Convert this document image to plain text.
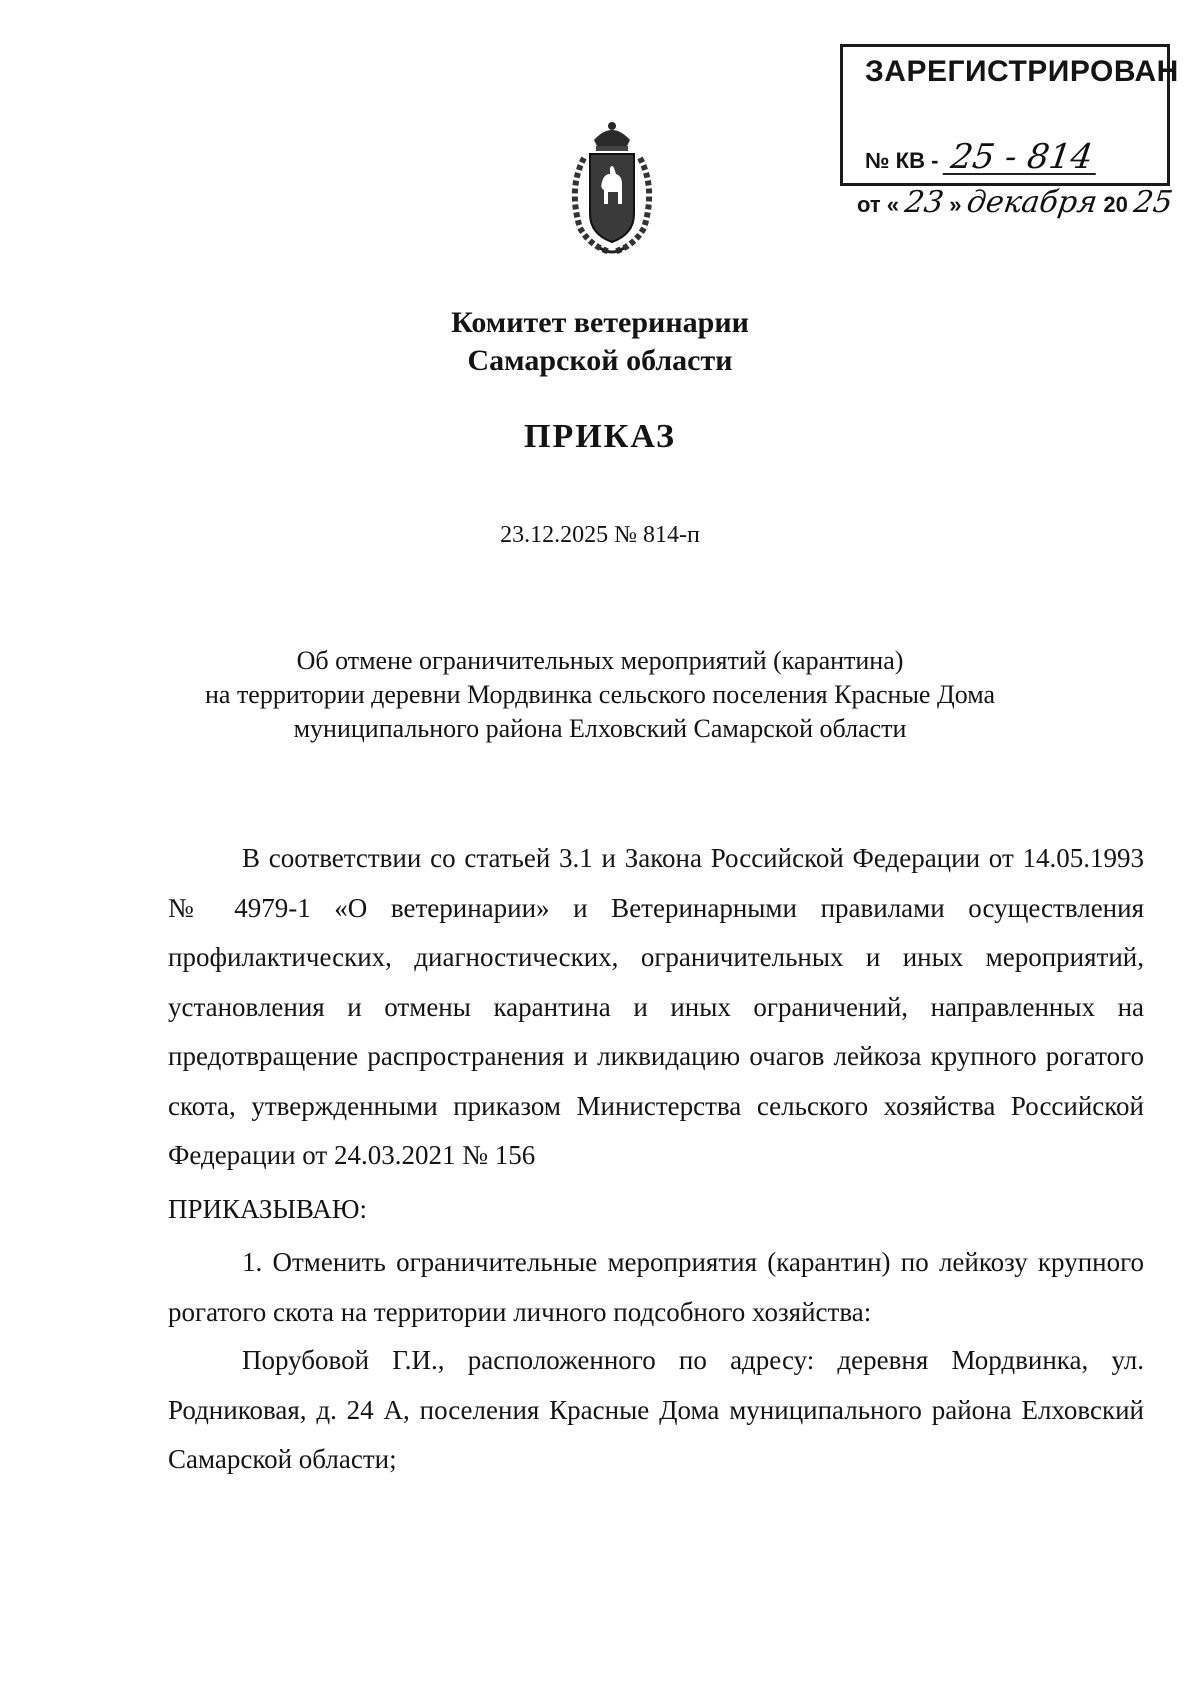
ЗАРЕГИСТРИРОВАН
№ КВ - 25 - 814
от « 23 » декабря 20 25
Комитет ветеринарии
Самарской области
ПРИКАЗ
23.12.2025 № 814-п
Об отмене ограничительных мероприятий (карантина)
на территории деревни Мордвинка сельского поселения Красные Дома
муниципального района Елховский Самарской области
В соответствии со статьей 3.1 и Закона Российской Федерации от 14.05.1993 № 4979-1 «О ветеринарии» и Ветеринарными правилами осуществления профилактических, диагностических, ограничительных и иных мероприятий, установления и отмены карантина и иных ограничений, направленных на предотвращение распространения и ликвидацию очагов лейкоза крупного рогатого скота, утвержденными приказом Министерства сельского хозяйства Российской Федерации от 24.03.2021 № 156
ПРИКАЗЫВАЮ:
1. Отменить ограничительные мероприятия (карантин) по лейкозу крупного рогатого скота на территории личного подсобного хозяйства:
Порубовой Г.И., расположенного по адресу: деревня Мордвинка, ул. Родниковая, д. 24 А, поселения Красные Дома муниципального района Елховский Самарской области;
